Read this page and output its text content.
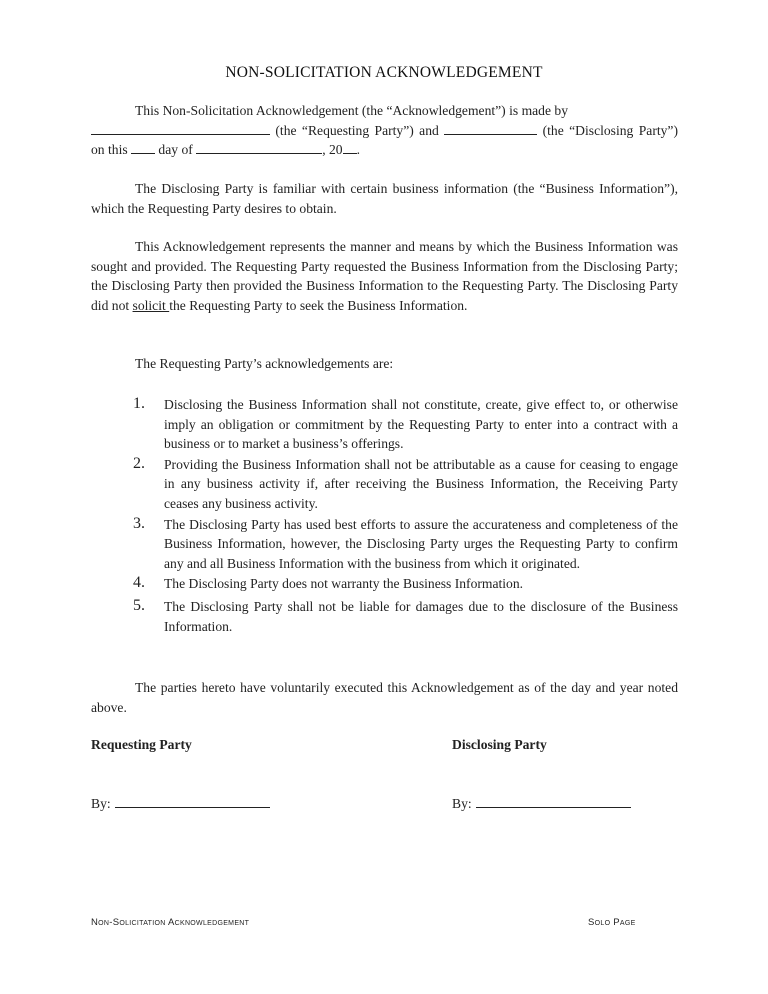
NON-SOLICITATION ACKNOWLEDGEMENT

This Non-Solicitation Acknowledgement (the “Acknowledgement”) is made by
(the “Requesting Party”) and	(the “Disclosing Party”) on this  day of	, 20 .

The Disclosing Party is familiar with certain business information (the “Business Information”), which the Requesting Party desires to obtain.

This Acknowledgement represents the manner and means by which the Business Information was sought and provided. The Requesting Party requested the Business Information from the Disclosing Party; the Disclosing Party then provided the Business Information to the Requesting Party. The Disclosing Party did not solicit the Requesting Party to seek the Business Information.

The Requesting Party’s acknowledgements are:

1. Disclosing the Business Information shall not constitute, create, give effect to, or otherwise imply an obligation or commitment by the Requesting Party to enter into a contract with a business or to market a business’s offerings.
2. Providing the Business Information shall not be attributable as a cause for ceasing to engage in any business activity if, after receiving the Business Information, the Receiving Party ceases any business activity.
3. The Disclosing Party has used best efforts to assure the accurateness and completeness of the Business Information, however, the Disclosing Party urges the Requesting Party to confirm any and all Business Information with the business from which it originated.
4. The Disclosing Party does not warranty the Business Information.
5. The Disclosing Party shall not be liable for damages due to the disclosure of the Business Information.

The parties hereto have voluntarily executed this Acknowledgement as of the day and year noted above.

Requesting Party	Disclosing Party
By:	By:
Non-Solicitation Acknowledgement	Solo Page
